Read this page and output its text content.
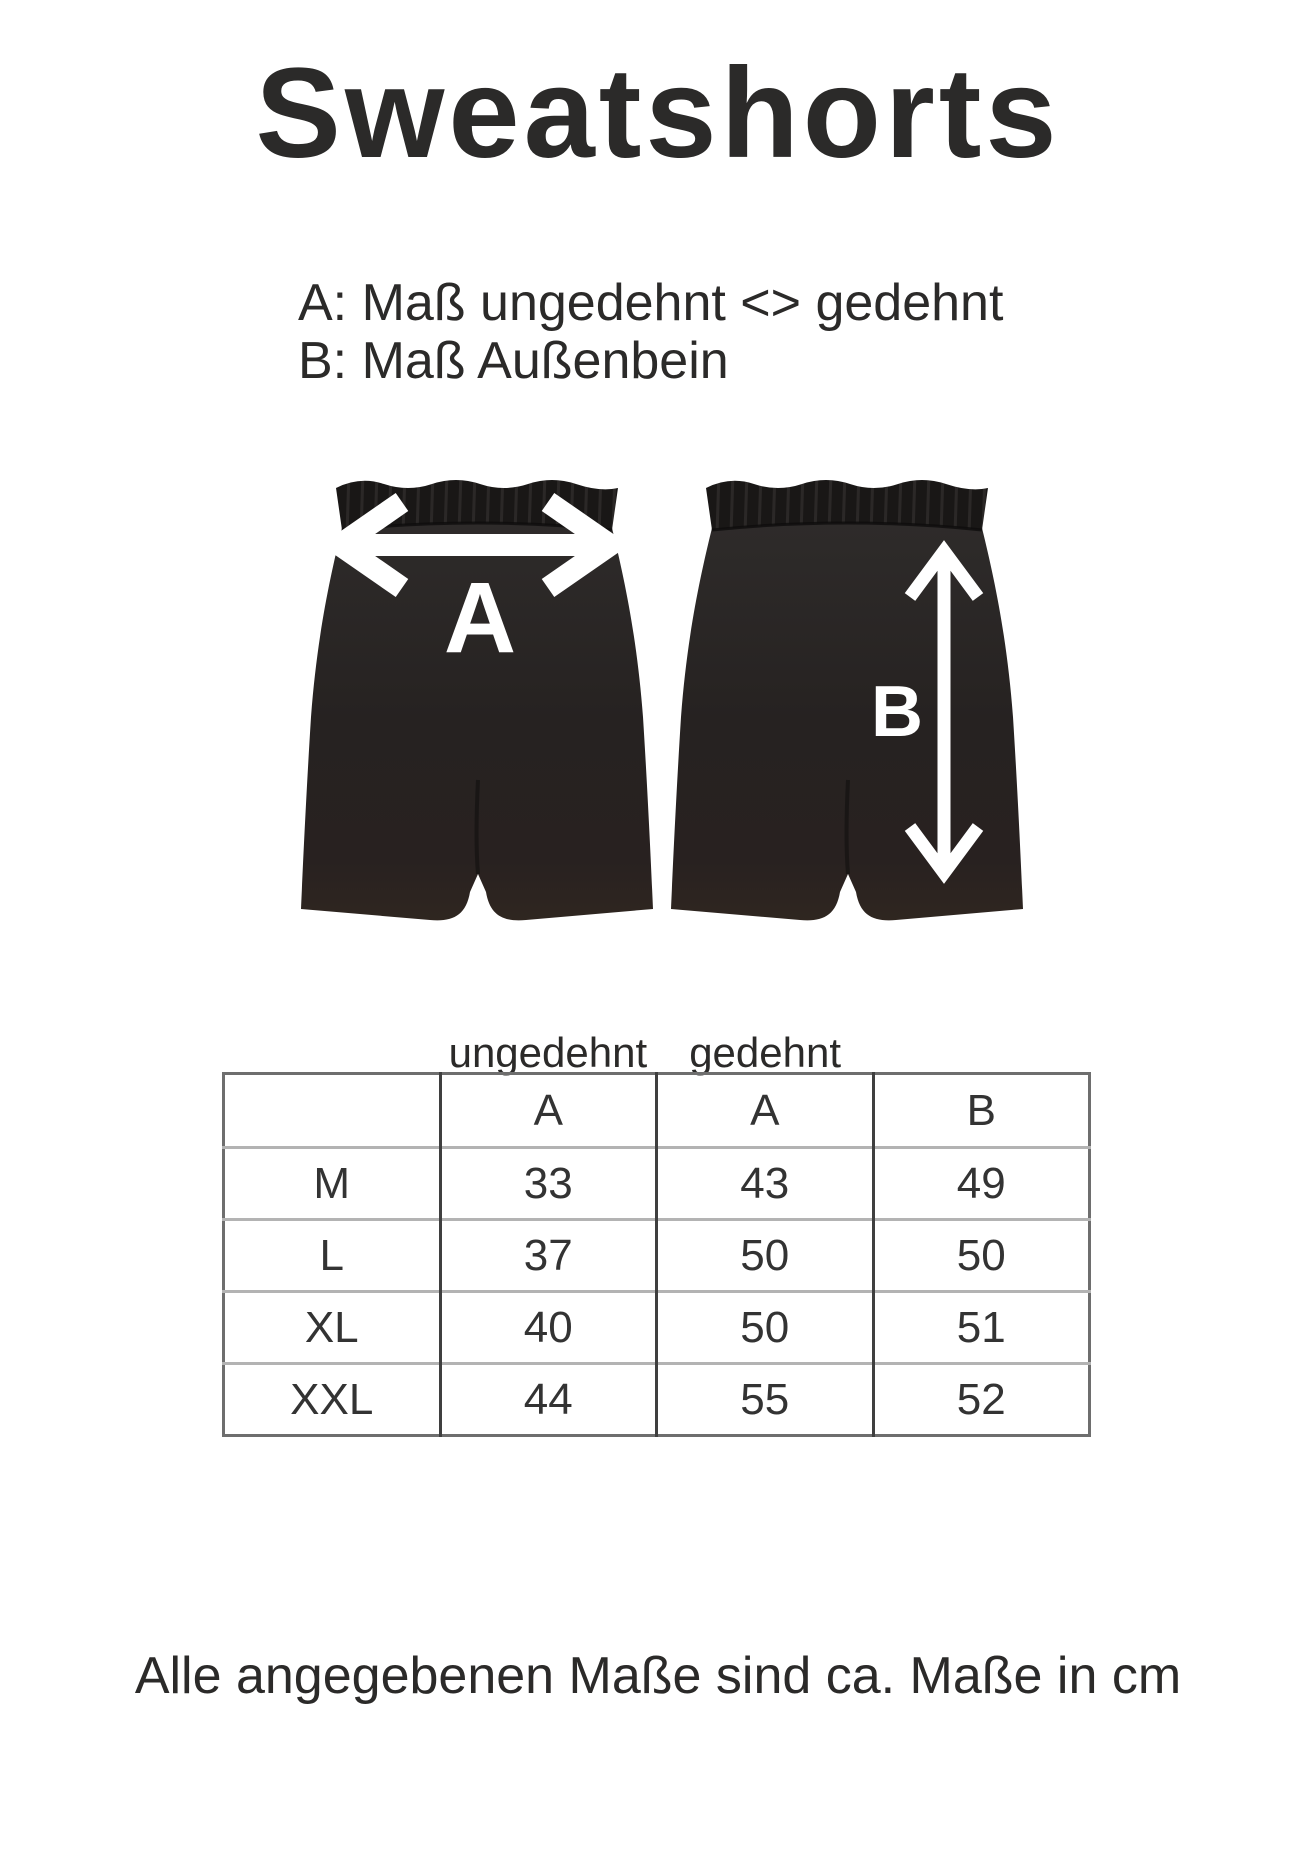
Sweatshorts
A: Maß ungedehnt <> gedehnt
B: Maß Außenbein
A
B
ungedehnt	gedehnt
	A	A	B
M	33	43	49
L	37	50	50
XL	40	50	51
XXL	44	55	52
Alle angegebenen Maße sind ca. Maße in cm
